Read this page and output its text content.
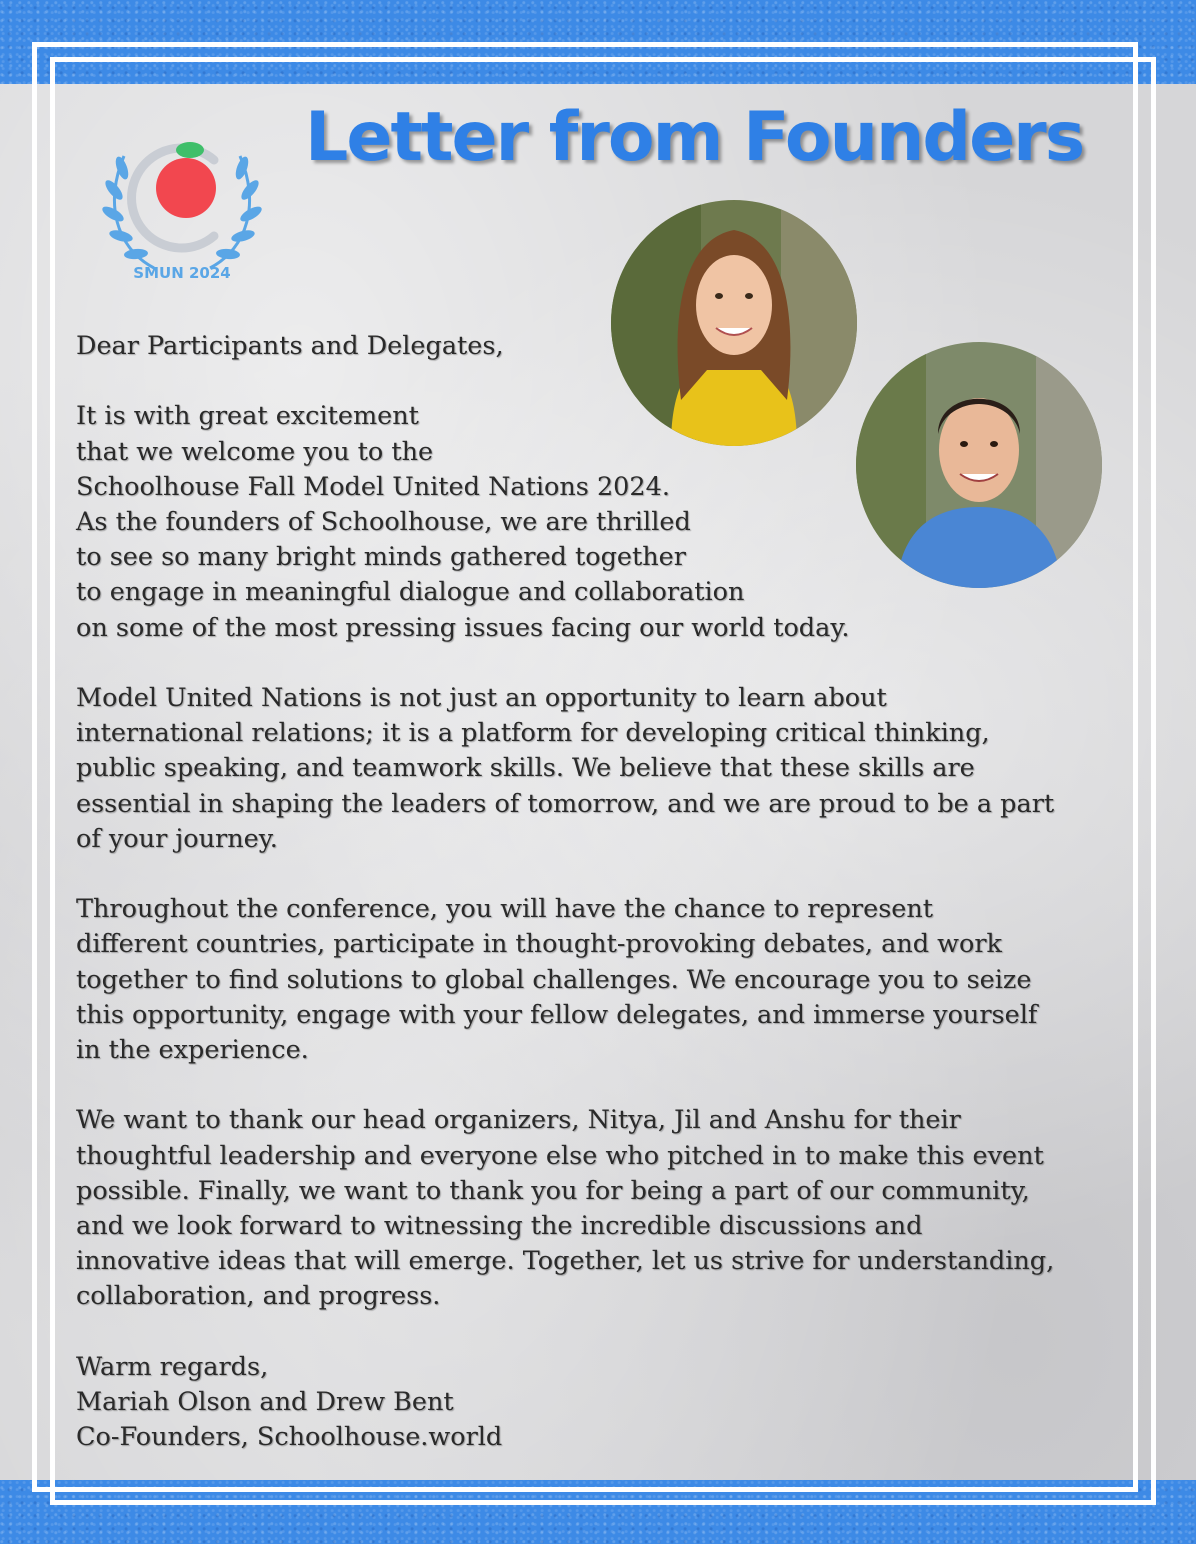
SMUN 2024
Letter from Founders

Dear Participants and Delegates,

It is with great excitement
that we welcome you to the
Schoolhouse Fall Model United Nations 2024.
As the founders of Schoolhouse, we are thrilled
to see so many bright minds gathered together
to engage in meaningful dialogue and collaboration
on some of the most pressing issues facing our world today.

Model United Nations is not just an opportunity to learn about
international relations; it is a platform for developing critical thinking,
public speaking, and teamwork skills. We believe that these skills are
essential in shaping the leaders of tomorrow, and we are proud to be a part
of your journey.

Throughout the conference, you will have the chance to represent
different countries, participate in thought-provoking debates, and work
together to find solutions to global challenges. We encourage you to seize
this opportunity, engage with your fellow delegates, and immerse yourself
in the experience.

We want to thank our head organizers, Nitya, Jil and Anshu for their
thoughtful leadership and everyone else who pitched in to make this event
possible. Finally, we want to thank you for being a part of our community,
and we look forward to witnessing the incredible discussions and
innovative ideas that will emerge. Together, let us strive for understanding,
collaboration, and progress.

Warm regards,
Mariah Olson and Drew Bent
Co-Founders, Schoolhouse.world
